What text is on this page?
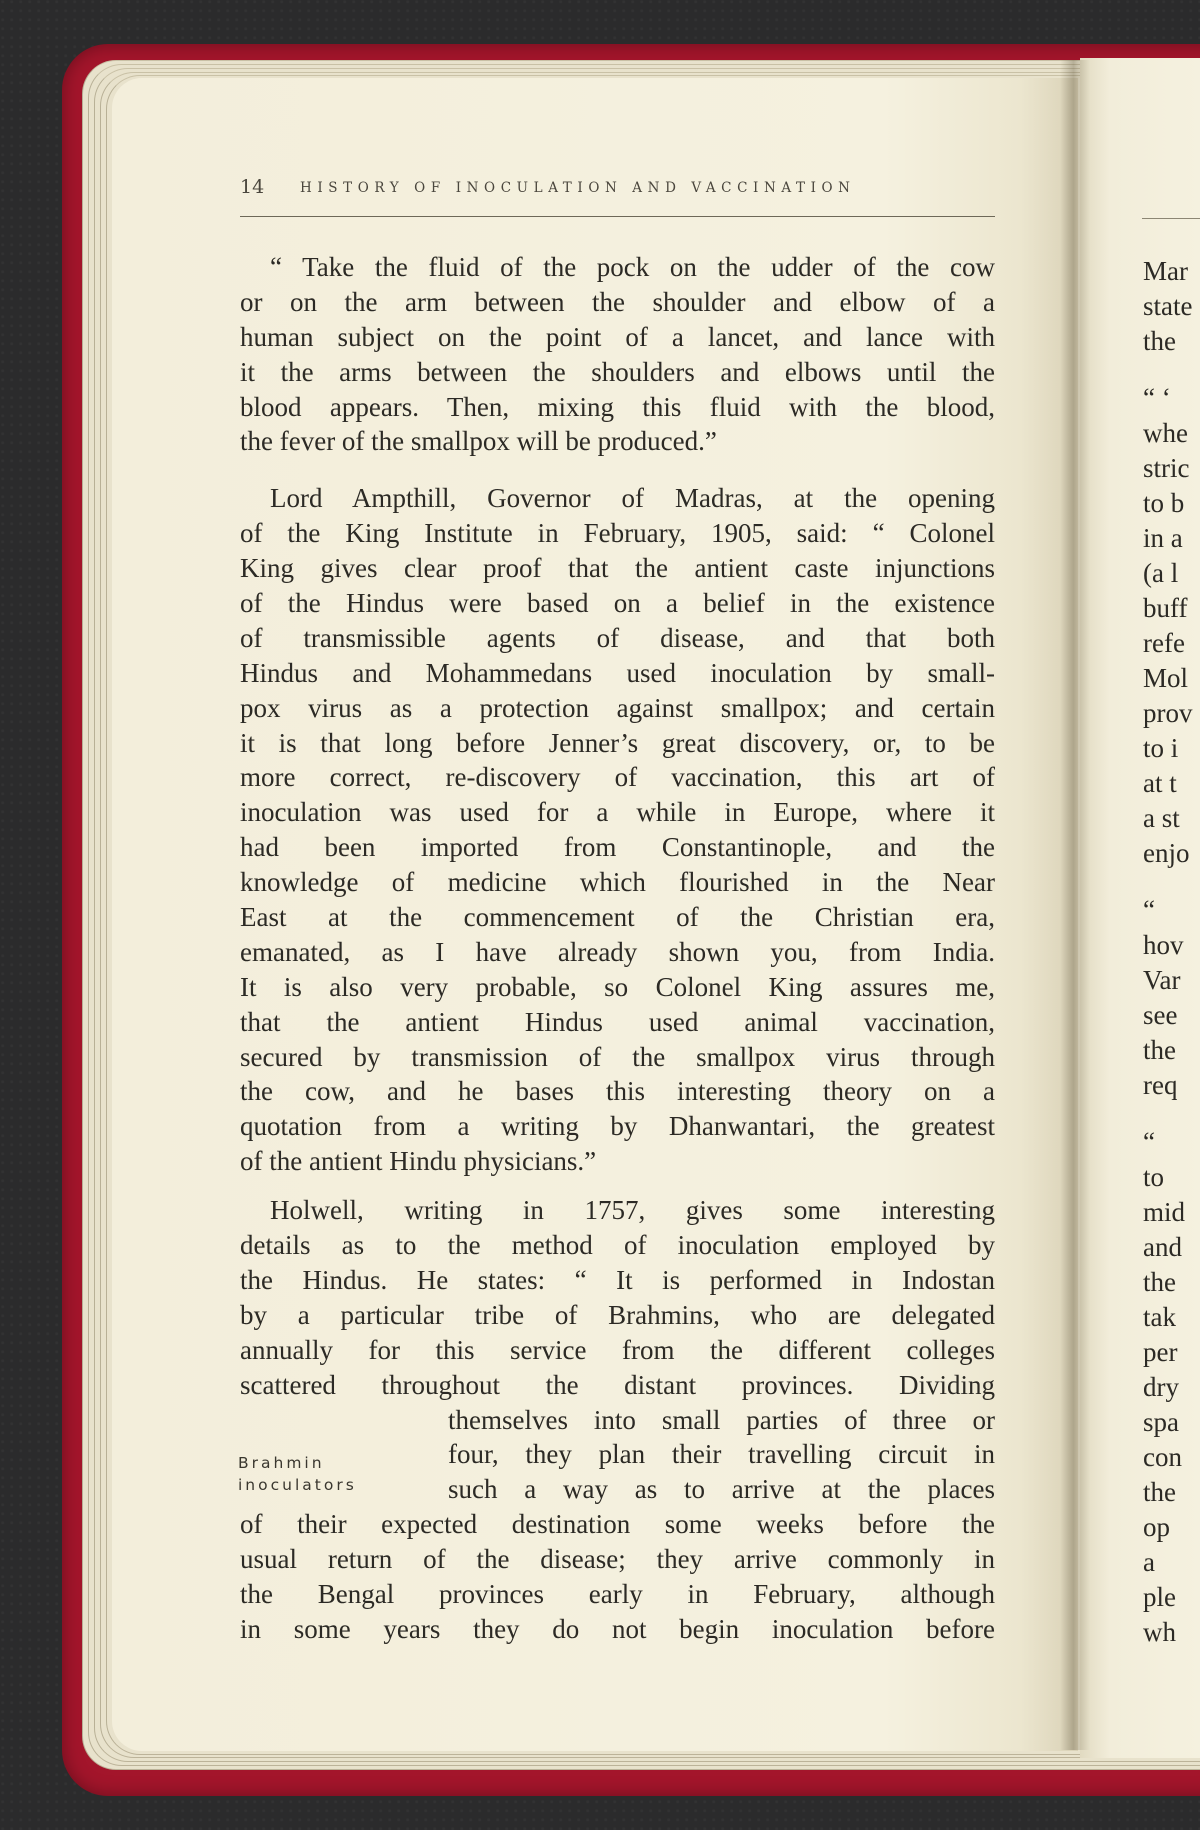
Mar
state
the
“ ‘
whe
stric
to b
in a
(a l
buff
refe
Mol
prov
to i
at t
a st
enjo
“
hov
Var
see
the
req
“
to
mid
and
the
tak
per
dry
spa
con
the
op
a
ple
wh
14	HISTORY OF INOCULATION AND VACCINATION
“ Take the fluid of the pock on the udder of the cow
or on the arm between the shoulder and elbow of a
human subject on the point of a lancet, and lance with
it the arms between the shoulders and elbows until the
blood appears. Then, mixing this fluid with the blood,
the fever of the smallpox will be produced.”
Lord Ampthill, Governor of Madras, at the opening
of the King Institute in February, 1905, said: “ Colonel
King gives clear proof that the antient caste injunctions
of the Hindus were based on a belief in the existence
of transmissible agents of disease, and that both
Hindus and Mohammedans used inoculation by small-
pox virus as a protection against smallpox; and certain
it is that long before Jenner’s great discovery, or, to be
more correct, re-discovery of vaccination, this art of
inoculation was used for a while in Europe, where it
had been imported from Constantinople, and the
knowledge of medicine which flourished in the Near
East at the commencement of the Christian era,
emanated, as I have already shown you, from India.
It is also very probable, so Colonel King assures me,
that the antient Hindus used animal vaccination,
secured by transmission of the smallpox virus through
the cow, and he bases this interesting theory on a
quotation from a writing by Dhanwantari, the greatest
of the antient Hindu physicians.”
Holwell, writing in 1757, gives some interesting
details as to the method of inoculation employed by
the Hindus. He states: “ It is performed in Indostan
by a particular tribe of Brahmins, who are delegated
annually for this service from the different colleges
scattered throughout the distant provinces. Dividing
themselves into small parties of three or
four, they plan their travelling circuit in
such a way as to arrive at the places
of their expected destination some weeks before the
usual return of the disease; they arrive commonly in
the Bengal provinces early in February, although
in some years they do not begin inoculation before
Brahmin
inoculators
